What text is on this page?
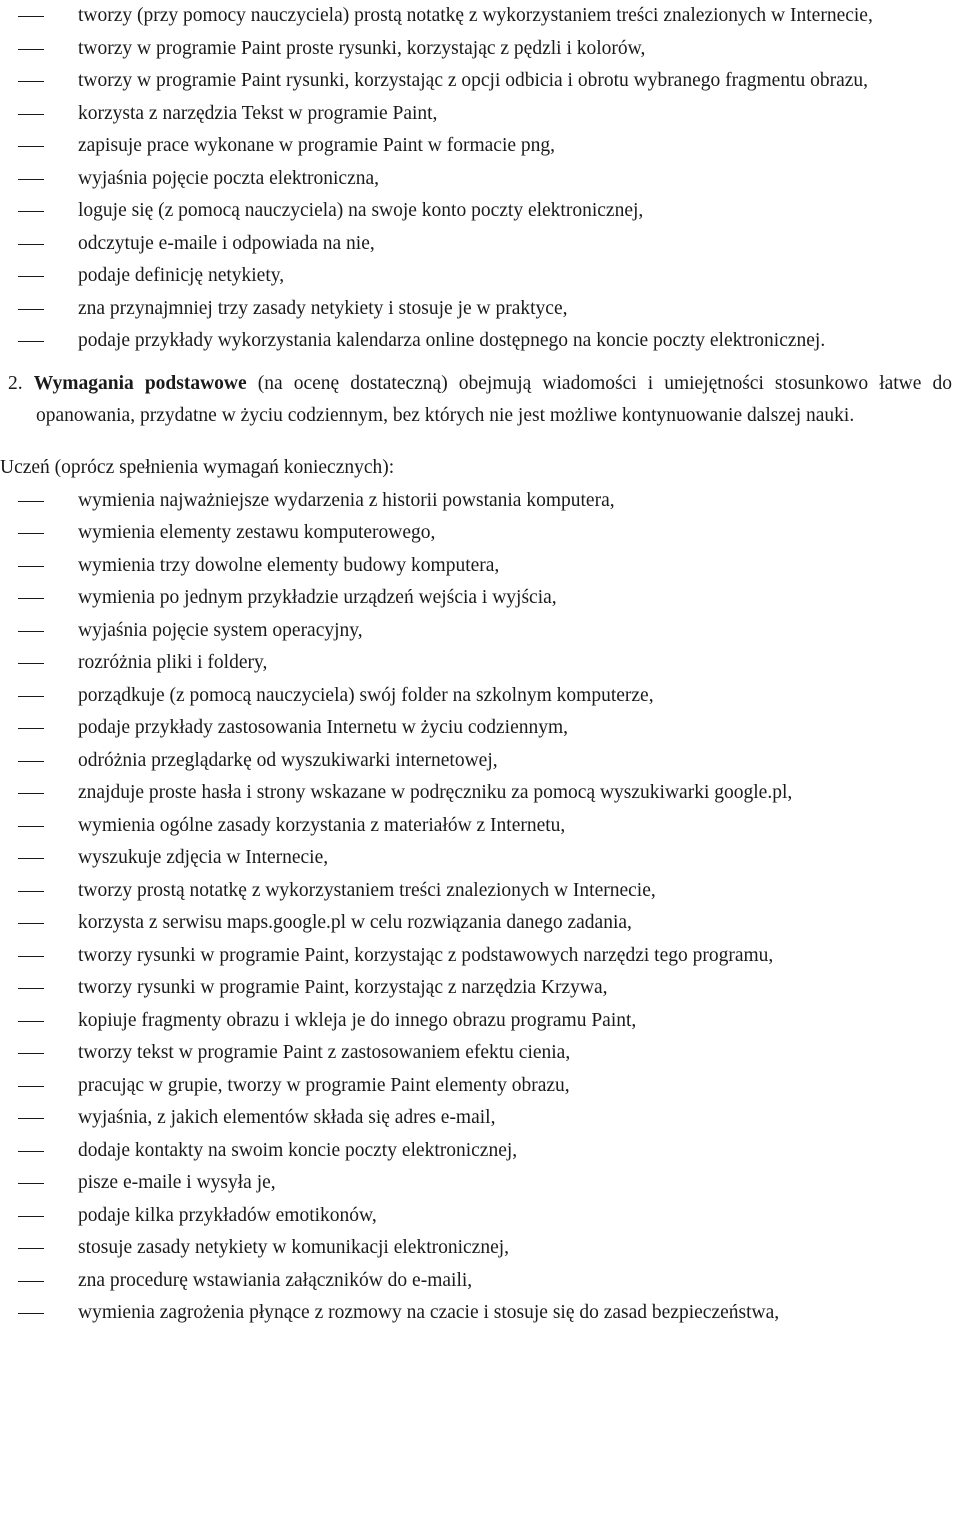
tworzy (przy pomocy nauczyciela) prostą notatkę z wykorzystaniem treści znalezionych w Internecie,
tworzy w programie Paint proste rysunki, korzystając z pędzli i kolorów,
tworzy w programie Paint rysunki, korzystając z opcji odbicia i obrotu wybranego fragmentu obrazu,
korzysta z narzędzia Tekst w programie Paint,
zapisuje prace wykonane w programie Paint w formacie png,
wyjaśnia pojęcie poczta elektroniczna,
loguje się (z pomocą nauczyciela) na swoje konto poczty elektronicznej,
odczytuje e-maile i odpowiada na nie,
podaje definicję netykiety,
zna przynajmniej trzy zasady netykiety i stosuje je w praktyce,
podaje przykłady wykorzystania kalendarza online dostępnego na koncie poczty elektronicznej.

2. Wymagania podstawowe (na ocenę dostateczną) obejmują wiadomości i umiejętności stosunkowo łatwe do opanowania, przydatne w życiu codziennym, bez których nie jest możliwe kontynuowanie dalszej nauki.

Uczeń (oprócz spełnienia wymagań koniecznych):

wymienia najważniejsze wydarzenia z historii powstania komputera,
wymienia elementy zestawu komputerowego,
wymienia trzy dowolne elementy budowy komputera,
wymienia po jednym przykładzie urządzeń wejścia i wyjścia,
wyjaśnia pojęcie system operacyjny,
rozróżnia pliki i foldery,
porządkuje (z pomocą nauczyciela) swój folder na szkolnym komputerze,
podaje przykłady zastosowania Internetu w życiu codziennym,
odróżnia przeglądarkę od wyszukiwarki internetowej,
znajduje proste hasła i strony wskazane w podręczniku za pomocą wyszukiwarki google.pl,
wymienia ogólne zasady korzystania z materiałów z Internetu,
wyszukuje zdjęcia w Internecie,
tworzy prostą notatkę z wykorzystaniem treści znalezionych w Internecie,
korzysta z serwisu maps.google.pl w celu rozwiązania danego zadania,
tworzy rysunki w programie Paint, korzystając z podstawowych narzędzi tego programu,
tworzy rysunki w programie Paint, korzystając z narzędzia Krzywa,
kopiuje fragmenty obrazu i wkleja je do innego obrazu programu Paint,
tworzy tekst w programie Paint z zastosowaniem efektu cienia,
pracując w grupie, tworzy w programie Paint elementy obrazu,
wyjaśnia, z jakich elementów składa się adres e-mail,
dodaje kontakty na swoim koncie poczty elektronicznej,
pisze e-maile i wysyła je,
podaje kilka przykładów emotikonów,
stosuje zasady netykiety w komunikacji elektronicznej,
zna procedurę wstawiania załączników do e-maili,
wymienia zagrożenia płynące z rozmowy na czacie i stosuje się do zasad bezpieczeństwa,
